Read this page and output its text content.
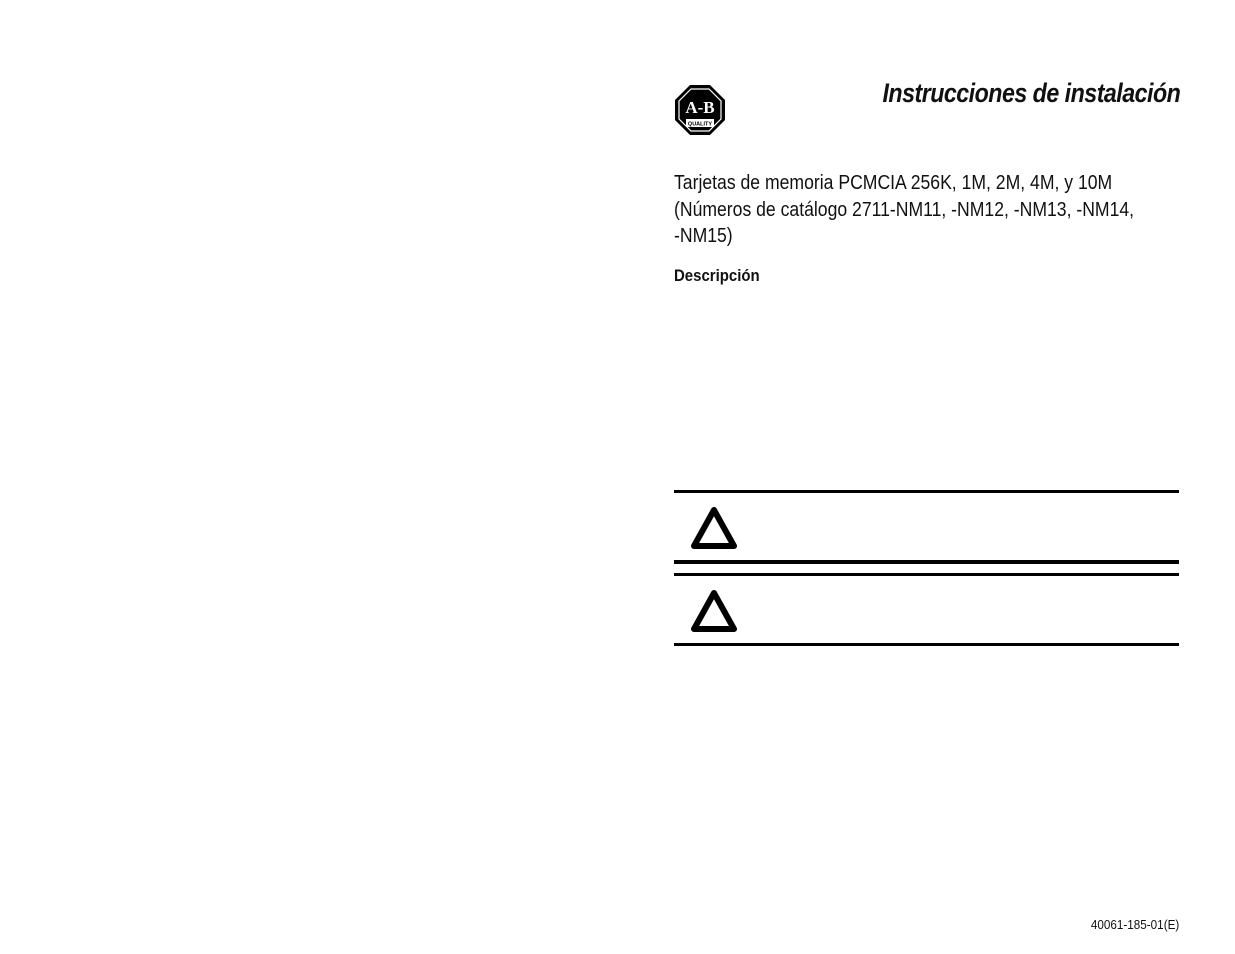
A-B
QUALITY
Instrucciones de instalación
Tarjetas de memoria PCMCIA 256K, 1M, 2M, 4M, y 10M
(Números de catálogo 2711-NM11, -NM12, -NM13, -NM14,
-NM15)
Descripción
40061-185-01(E)
